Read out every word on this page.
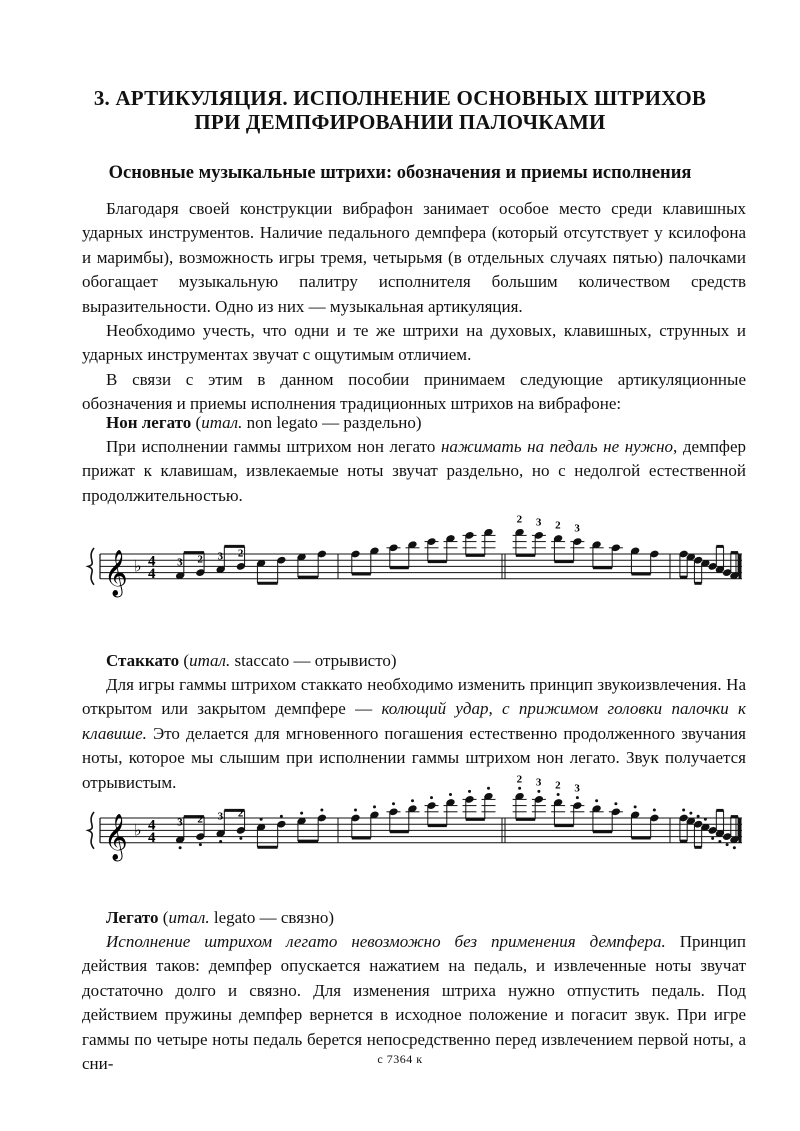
3. АРТИКУЛЯЦИЯ. ИСПОЛНЕНИЕ ОСНОВНЫХ ШТРИХОВ
ПРИ ДЕМПФИРОВАНИИ ПАЛОЧКАМИ
Основные музыкальные штрихи: обозначения и приемы исполнения

Благодаря своей конструкции вибрафон занимает особое место среди клавишных ударных инструментов. Наличие педального демпфера (который отсутствует у ксилофона и маримбы), возможность игры тремя, четырьмя (в отдельных случаях пятью) палочками обогащает музыкальную палитру исполнителя большим количеством средств выразительности. Одно из них — музыкальная артикуляция.

Необходимо учесть, что одни и те же штрихи на духовых, клавишных, струнных и ударных инструментах звучат с ощутимым отличием.

В связи с этим в данном пособии принимаем следующие артикуляционные обозначения и приемы исполнения традиционных штрихов на вибрафоне:

Нон легато (итал. non legato — раздельно)

При исполнении гаммы штрихом нон легато нажимать на педаль не нужно, демпфер прижат к клавишам, извлекаемые ноты звучат раздельно, но с недолгой естественной продолжительностью.

𝄞 ♭ 4
4
3 2 3 2
2 3 2 3
Стаккато (итал. staccato — отрывисто)

Для игры гаммы штрихом стаккато необходимо изменить принцип звукоизвлечения. На открытом или закрытом демпфере — колющий удар, с прижимом головки палочки к клавише. Это делается для мгновенного погашения естественно продолженного звучания ноты, которое мы слышим при исполнении гаммы штрихом нон легато. Звук получается отрывистым.

𝄞 ♭ 4
4
3 2 3 2
2 3 2 3
Легато (итал. legato — связно)

Исполнение штрихом легато невозможно без применения демпфера. Принцип действия таков: демпфер опускается нажатием на педаль, и извлеченные ноты звучат достаточно долго и связно. Для изменения штриха нужно отпустить педаль. Под действием пружины демпфер вернется в исходное положение и погасит звук. При игре гаммы по четыре ноты педаль берется непосредственно перед извлечением первой ноты, а сни-	с 7364 к
